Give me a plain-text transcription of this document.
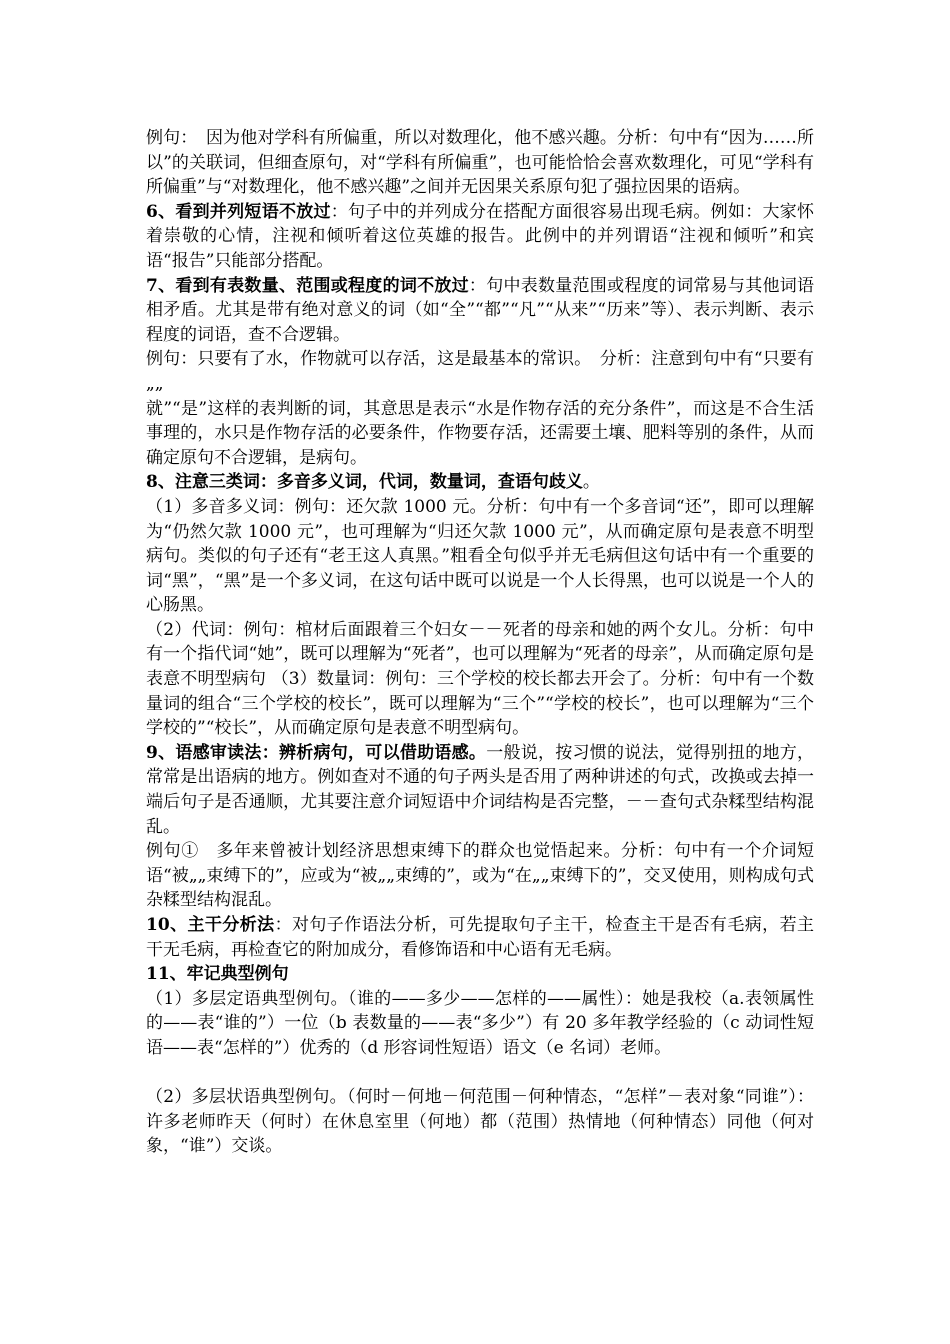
例句：　因为他对学科有所偏重，所以对数理化，他不感兴趣。分析：句中有“因为……所以”的关联词，但细查原句，对“学科有所偏重”，也可能恰恰会喜欢数理化，可见“学科有所偏重”与“对数理化，他不感兴趣”之间并无因果关系原句犯了强拉因果的语病。

6、看到并列短语不放过：句子中的并列成分在搭配方面很容易出现毛病。例如：大家怀着崇敬的心情，注视和倾听着这位英雄的报告。此例中的并列谓语“注视和倾听”和宾语“报告”只能部分搭配。

7、看到有表数量、范围或程度的词不放过：句中表数量范围或程度的词常易与其他词语相矛盾。尤其是带有绝对意义的词（如“全”“都”“凡”“从来”“历来”等）、表示判断、表示程度的词语，查不合逻辑。

例句：只要有了水，作物就可以存活，这是最基本的常识。　分析：注意到句中有“只要有„„

就”“是”这样的表判断的词，其意思是表示“水是作物存活的充分条件”，而这是不合生活事理的，水只是作物存活的必要条件，作物要存活，还需要土壤、肥料等别的条件，从而确定原句不合逻辑，是病句。

8、注意三类词：多音多义词，代词，数量词，查语句歧义。

（1）多音多义词：例句：还欠款 1000 元。分析：句中有一个多音词“还”，即可以理解为“仍然欠款 1000 元”，也可理解为“归还欠款 1000 元”，从而确定原句是表意不明型病句。类似的句子还有“老王这人真黑。”粗看全句似乎并无毛病但这句话中有一个重要的词“黑”，“黑”是一个多义词，在这句话中既可以说是一个人长得黑，也可以说是一个人的心肠黑。

（2）代词：例句：棺材后面跟着三个妇女－－死者的母亲和她的两个女儿。分析：句中有一个指代词“她”，既可以理解为“死者”，也可以理解为“死者的母亲”，从而确定原句是表意不明型病句 （3）数量词：例句：三个学校的校长都去开会了。分析：句中有一个数量词的组合“三个学校的校长”，既可以理解为“三个”“学校的校长”，也可以理解为“三个学校的”“校长”，从而确定原句是表意不明型病句。

9、语感审读法：辨析病句，可以借助语感。一般说，按习惯的说法，觉得别扭的地方，常常是出语病的地方。例如查对不通的句子两头是否用了两种讲述的句式，改换或去掉一端后句子是否通顺，尤其要注意介词短语中介词结构是否完整，－－查句式杂糅型结构混乱。

例句①　多年来曾被计划经济思想束缚下的群众也觉悟起来。分析：句中有一个介词短语“被„„束缚下的”，应或为“被„„束缚的”，或为“在„„束缚下的”，交叉使用，则构成句式杂糅型结构混乱。

10、主干分析法：对句子作语法分析，可先提取句子主干，检查主干是否有毛病，若主干无毛病，再检查它的附加成分，看修饰语和中心语有无毛病。

11、牢记典型例句

（1）多层定语典型例句。（谁的——多少——怎样的——属性）：她是我校（a.表领属性的——表“谁的”）一位（b 表数量的——表“多少”）有 20 多年教学经验的（c 动词性短语——表“怎样的”）优秀的（d 形容词性短语）语文（e 名词）老师。

（2）多层状语典型例句。（何时－何地－何范围－何种情态，“怎样”－表对象“同谁”）：许多老师昨天（何时）在休息室里（何地）都（范围）热情地（何种情态）同他（何对象，“谁”）交谈。
